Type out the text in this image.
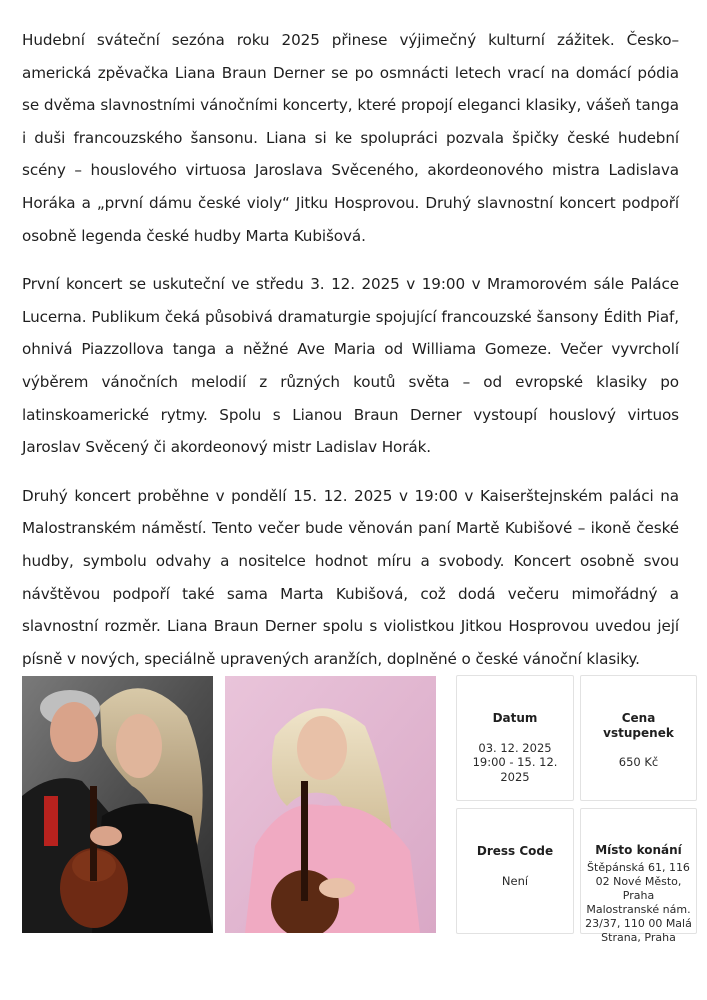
Hudební sváteční sezóna roku 2025 přinese výjimečný kulturní zážitek. Česko–americká zpěvačka Liana Braun Derner se po osmnácti letech vrací na domácí pódia se dvěma slavnostními vánočními koncerty, které propojí eleganci klasiky, vášeň tanga i duši francouzského šansonu. Liana si ke spolupráci pozvala špičky české hudební scény – houslového virtuosa Jaroslava Svěceného, akordeonového mistra Ladislava Horáka a „první dámu české violy“ Jitku Hosprovou. Druhý slavnostní koncert podpoří osobně legenda české hudby Marta Kubišová.

První koncert se uskuteční ve středu 3. 12. 2025 v 19:00 v Mramorovém sále Paláce Lucerna. Publikum čeká působivá dramaturgie spojující francouzské šansony Édith Piaf, ohnivá Piazzollova tanga a něžné Ave Maria od Williama Gomeze. Večer vyvrcholí výběrem vánočních melodií z různých koutů světa – od evropské klasiky po latinskoamerické rytmy. Spolu s Lianou Braun Derner vystoupí houslový virtuos Jaroslav Svěcený či akordeonový mistr Ladislav Horák.

Druhý koncert proběhne v pondělí 15. 12. 2025 v 19:00 v Kaiserštejnském paláci na Malostranském náměstí. Tento večer bude věnován paní Martě Kubišové – ikoně české hudby, symbolu odvahy a nositelce hodnot míru a svobody. Koncert osobně svou návštěvou podpoří také sama Marta Kubišová, což dodá večeru mimořádný a slavnostní rozměr. Liana Braun Derner spolu s violistkou Jitkou Hosprovou uvedou její písně v nových, speciálně upravených aranžích, doplněné o české vánoční klasiky.

Datum
03. 12. 2025 19:00 - 15. 12. 2025
Cena vstupenek
650 Kč
Dress Code
Není
Místo konání
Štěpánská 61, 116 02 Nové Město, Praha Malostranské nám. 23/37, 110 00 Malá Strana, Praha
